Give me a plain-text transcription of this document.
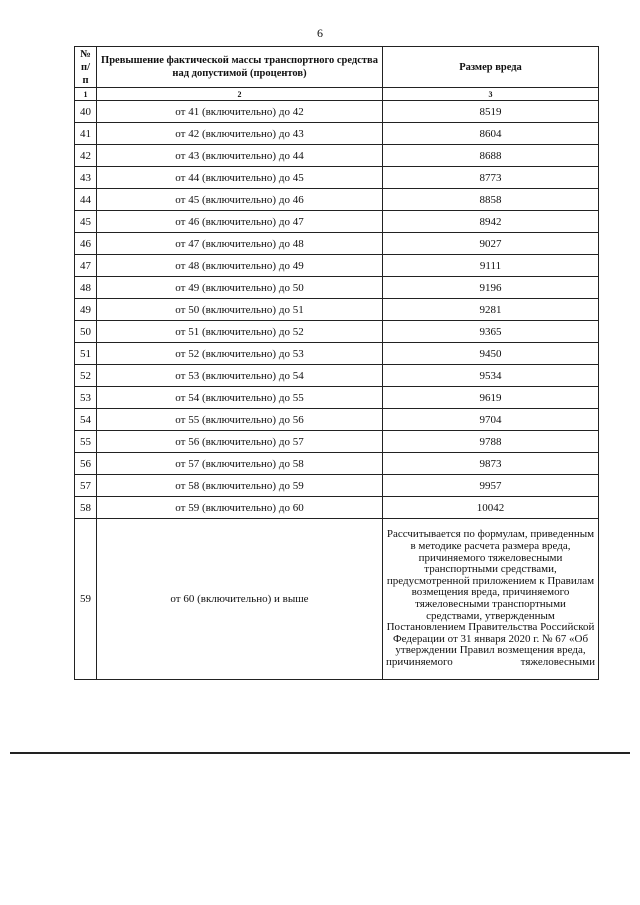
6
№ п/п	Превышение фактической массы транспортного средства над допустимой (процентов)	Размер вреда
1	2	3
40	от 41 (включительно) до 42	8519
41	от 42 (включительно) до 43	8604
42	от 43 (включительно) до 44	8688
43	от 44 (включительно) до 45	8773
44	от 45 (включительно) до 46	8858
45	от 46 (включительно) до 47	8942
46	от 47 (включительно) до 48	9027
47	от 48 (включительно) до 49	9111
48	от 49 (включительно) до 50	9196
49	от 50 (включительно) до 51	9281
50	от 51 (включительно) до 52	9365
51	от 52 (включительно) до 53	9450
52	от 53 (включительно) до 54	9534
53	от 54 (включительно) до 55	9619
54	от 55 (включительно) до 56	9704
55	от 56 (включительно) до 57	9788
56	от 57 (включительно) до 58	9873
57	от 58 (включительно) до 59	9957
58	от 59 (включительно) до 60	10042
59	от 60 (включительно) и выше	Рассчитывается по формулам, приведенным в методике расчета размера вреда, причиняемого тяжеловесными транспортными средствами, предусмотренной приложением к Правилам возмещения вреда, причиняемого тяжеловесными транспортными средствами, утвержденным Постановлением Правительства Российской Федерации от 31 января 2020 г. № 67 «Об утверждении Правил возмещения вреда, причиняемого тяжеловесными
